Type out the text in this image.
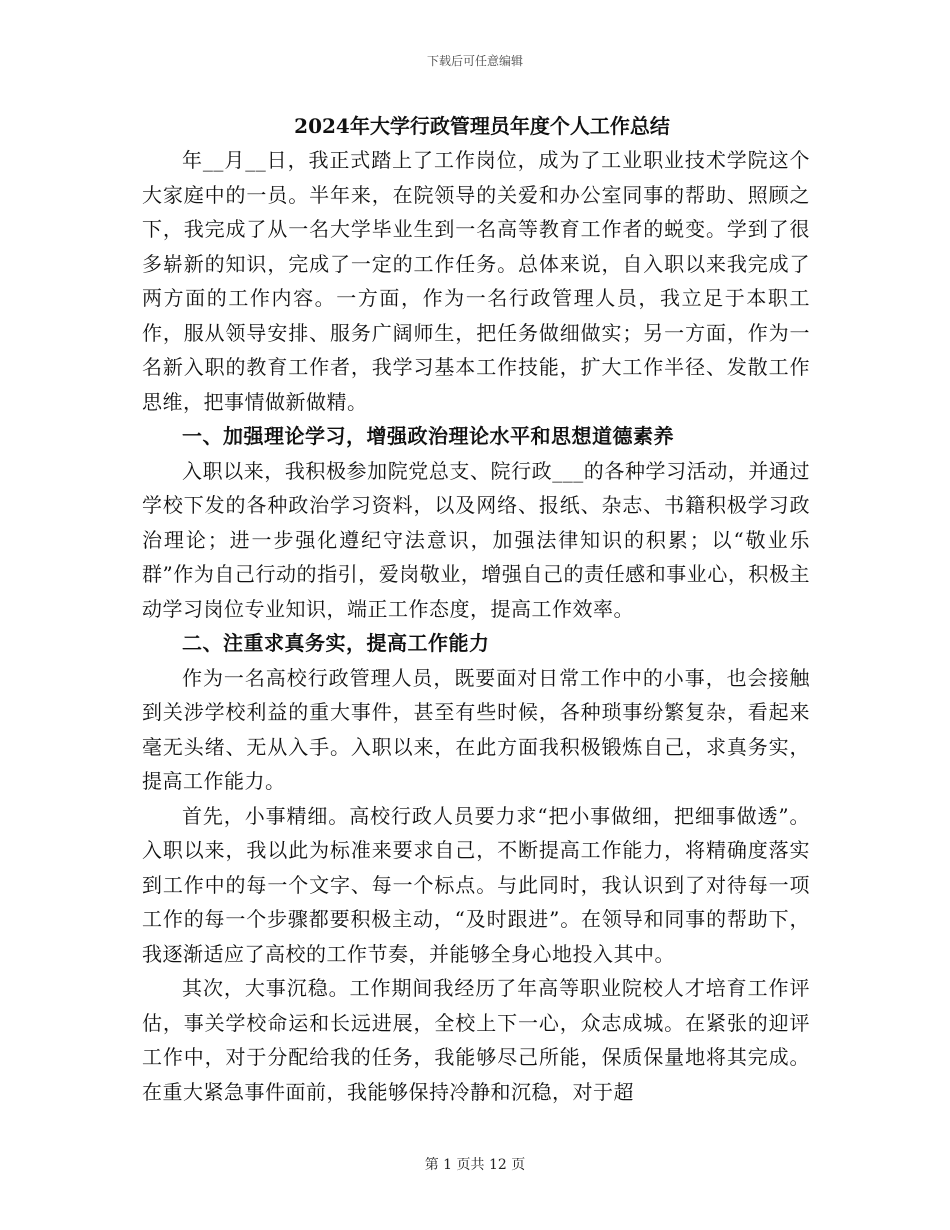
下载后可任意编辑
2024年大学行政管理员年度个人工作总结

年__月__日，我正式踏上了工作岗位，成为了工业职业技术学院这个大家庭中的一员。半年来，在院领导的关爱和办公室同事的帮助、照顾之下，我完成了从一名大学毕业生到一名高等教育工作者的蜕变。学到了很多崭新的知识，完成了一定的工作任务。总体来说，自入职以来我完成了两方面的工作内容。一方面，作为一名行政管理人员，我立足于本职工作，服从领导安排、服务广阔师生，把任务做细做实；另一方面，作为一名新入职的教育工作者，我学习基本工作技能，扩大工作半径、发散工作思维，把事情做新做精。

一、加强理论学习，增强政治理论水平和思想道德素养

入职以来，我积极参加院党总支、院行政___的各种学习活动，并通过学校下发的各种政治学习资料，以及网络、报纸、杂志、书籍积极学习政治理论；进一步强化遵纪守法意识，加强法律知识的积累；以“敬业乐群”作为自己行动的指引，爱岗敬业，增强自己的责任感和事业心，积极主动学习岗位专业知识，端正工作态度，提高工作效率。

二、注重求真务实，提高工作能力

作为一名高校行政管理人员，既要面对日常工作中的小事，也会接触到关涉学校利益的重大事件，甚至有些时候，各种琐事纷繁复杂，看起来毫无头绪、无从入手。入职以来，在此方面我积极锻炼自己，求真务实，提高工作能力。

首先，小事精细。高校行政人员要力求“把小事做细，把细事做透”。入职以来，我以此为标准来要求自己，不断提高工作能力，将精确度落实到工作中的每一个文字、每一个标点。与此同时，我认识到了对待每一项工作的每一个步骤都要积极主动，“及时跟进”。在领导和同事的帮助下，我逐渐适应了高校的工作节奏，并能够全身心地投入其中。

其次，大事沉稳。工作期间我经历了年高等职业院校人才培育工作评估，事关学校命运和长远进展，全校上下一心，众志成城。在紧张的迎评工作中，对于分配给我的任务，我能够尽己所能，保质保量地将其完成。在重大紧急事件面前，我能够保持冷静和沉稳，对于超

第 1 页共 12 页
